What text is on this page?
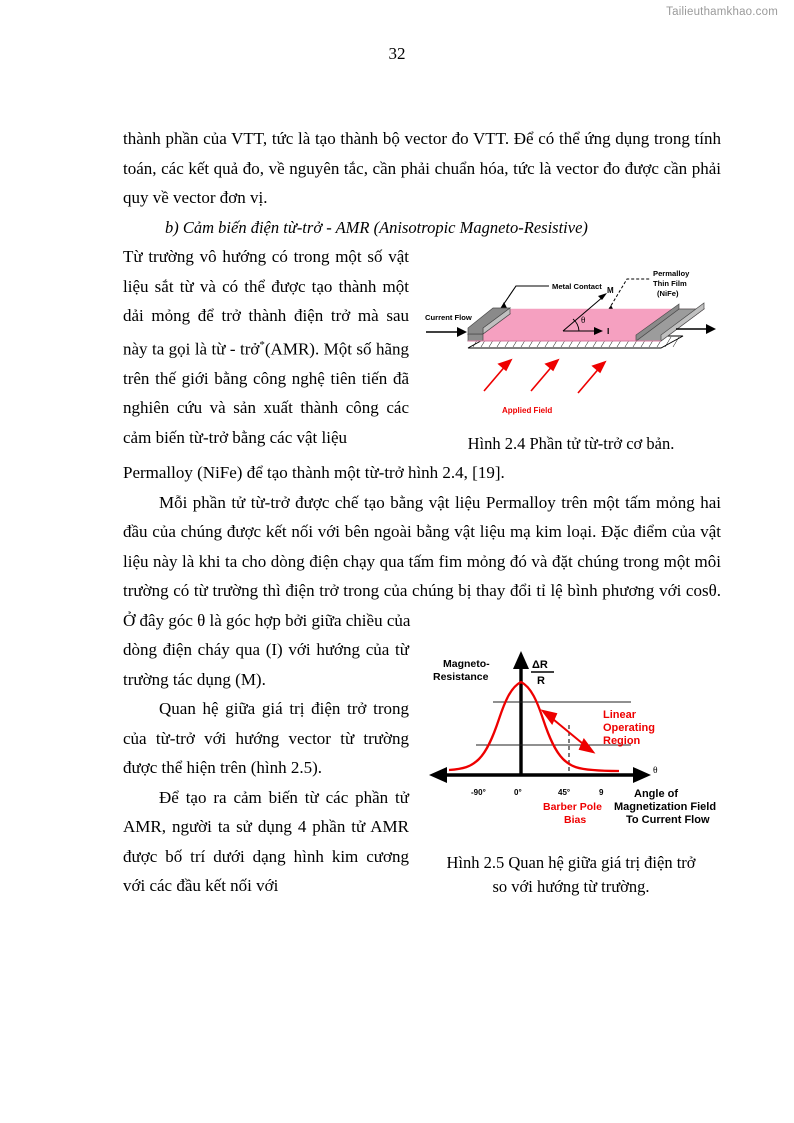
Tailieuthamkhao.com
32

thành phần của VTT, tức là tạo thành bộ vector đo VTT. Để có thể ứng dụng trong tính toán, các kết quả đo, về nguyên tắc, cần phải chuẩn hóa, tức là vector đo được cần phải quy về vector đơn vị.

b) Cảm biến điện từ-trở - AMR (Anisotropic Magneto-Resistive)

Metal Contact
Permalloy
Thin Film
(NiFe)
Current Flow
M
I
θ
Applied Field
Hình 2.4 Phần tử từ-trở cơ bản.
Từ trường vô hướng có trong một số vật liệu sắt từ và có thể được tạo thành một dải mỏng để trở thành điện trở mà sau này ta gọi là từ - trở*(AMR). Một số hãng trên thế giới bằng công nghệ tiên tiến đã nghiên cứu và sản xuất thành công các cảm biến từ-trở bằng các vật liệu

Permalloy (NiFe) để tạo thành một từ-trở hình 2.4, [19].

Mỗi phần tử từ-trở được chế tạo bằng vật liệu Permalloy trên một tấm mỏng hai đầu của chúng được kết nối với bên ngoài bằng vật liệu mạ kim loại. Đặc điểm của vật liệu này là khi ta cho dòng điện chạy qua tấm fim mỏng đó và đặt chúng trong một môi trường có từ trường thì điện trở trong của chúng bị thay đổi tỉ lệ bình phương với cosθ. Ở đây góc θ là góc hợp bởi giữa chiều của

Magneto-
Resistance
ΔR
R
θ
Linear
Operating
Region
-90°	0°	45°	9
Barber Pole
Bias
Angle of
Magnetization Field
To Current Flow
Hình 2.5 Quan hệ giữa giá trị điện trở
so với hướng từ trường.
dòng điện cháy qua (I) với hướng của từ trường tác dụng (M).
Quan hệ giữa giá trị điện trở trong của từ-trở với hướng vector từ trường được thể hiện trên (hình 2.5).
Để tạo ra cảm biến từ các phần tử AMR, người ta sử dụng 4 phần tử AMR được bố trí dưới dạng hình kim cương với các đầu kết nối với
